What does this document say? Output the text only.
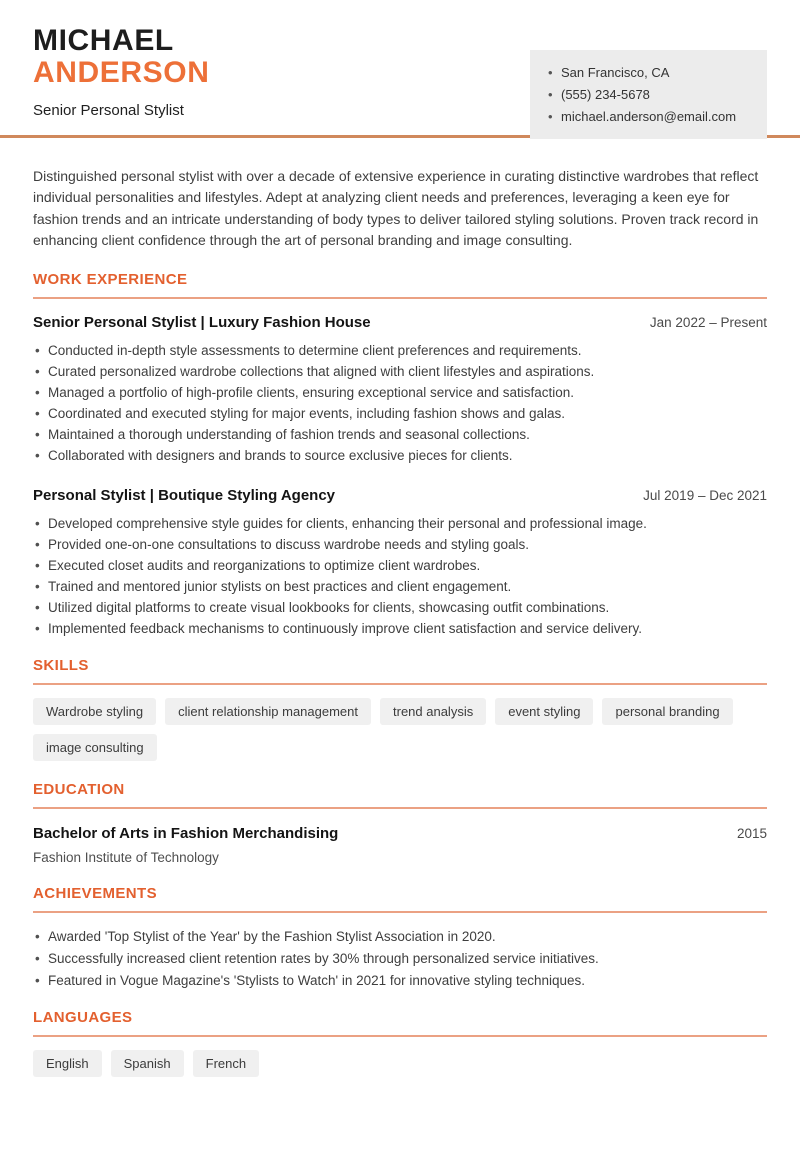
MICHAEL
ANDERSON
Senior Personal Stylist
• San Francisco, CA
• (555) 234-5678
• michael.anderson@email.com

Distinguished personal stylist with over a decade of extensive experience in curating distinctive wardrobes that reflect individual personalities and lifestyles. Adept at analyzing client needs and preferences, leveraging a keen eye for fashion trends and an intricate understanding of body types to deliver tailored styling solutions. Proven track record in enhancing client confidence through the art of personal branding and image consulting.

WORK EXPERIENCE
Senior Personal Stylist | Luxury Fashion House	Jan 2022 – Present
• Conducted in-depth style assessments to determine client preferences and requirements.
• Curated personalized wardrobe collections that aligned with client lifestyles and aspirations.
• Managed a portfolio of high-profile clients, ensuring exceptional service and satisfaction.
• Coordinated and executed styling for major events, including fashion shows and galas.
• Maintained a thorough understanding of fashion trends and seasonal collections.
• Collaborated with designers and brands to source exclusive pieces for clients.
Personal Stylist | Boutique Styling Agency	Jul 2019 – Dec 2021
• Developed comprehensive style guides for clients, enhancing their personal and professional image.
• Provided one-on-one consultations to discuss wardrobe needs and styling goals.
• Executed closet audits and reorganizations to optimize client wardrobes.
• Trained and mentored junior stylists on best practices and client engagement.
• Utilized digital platforms to create visual lookbooks for clients, showcasing outfit combinations.
• Implemented feedback mechanisms to continuously improve client satisfaction and service delivery.
SKILLS
Wardrobe styling	client relationship management	trend analysis	event styling	personal branding
image consulting
EDUCATION
Bachelor of Arts in Fashion Merchandising	2015
Fashion Institute of Technology
ACHIEVEMENTS
• Awarded 'Top Stylist of the Year' by the Fashion Stylist Association in 2020.
• Successfully increased client retention rates by 30% through personalized service initiatives.
• Featured in Vogue Magazine's 'Stylists to Watch' in 2021 for innovative styling techniques.
LANGUAGES
English	Spanish	French
